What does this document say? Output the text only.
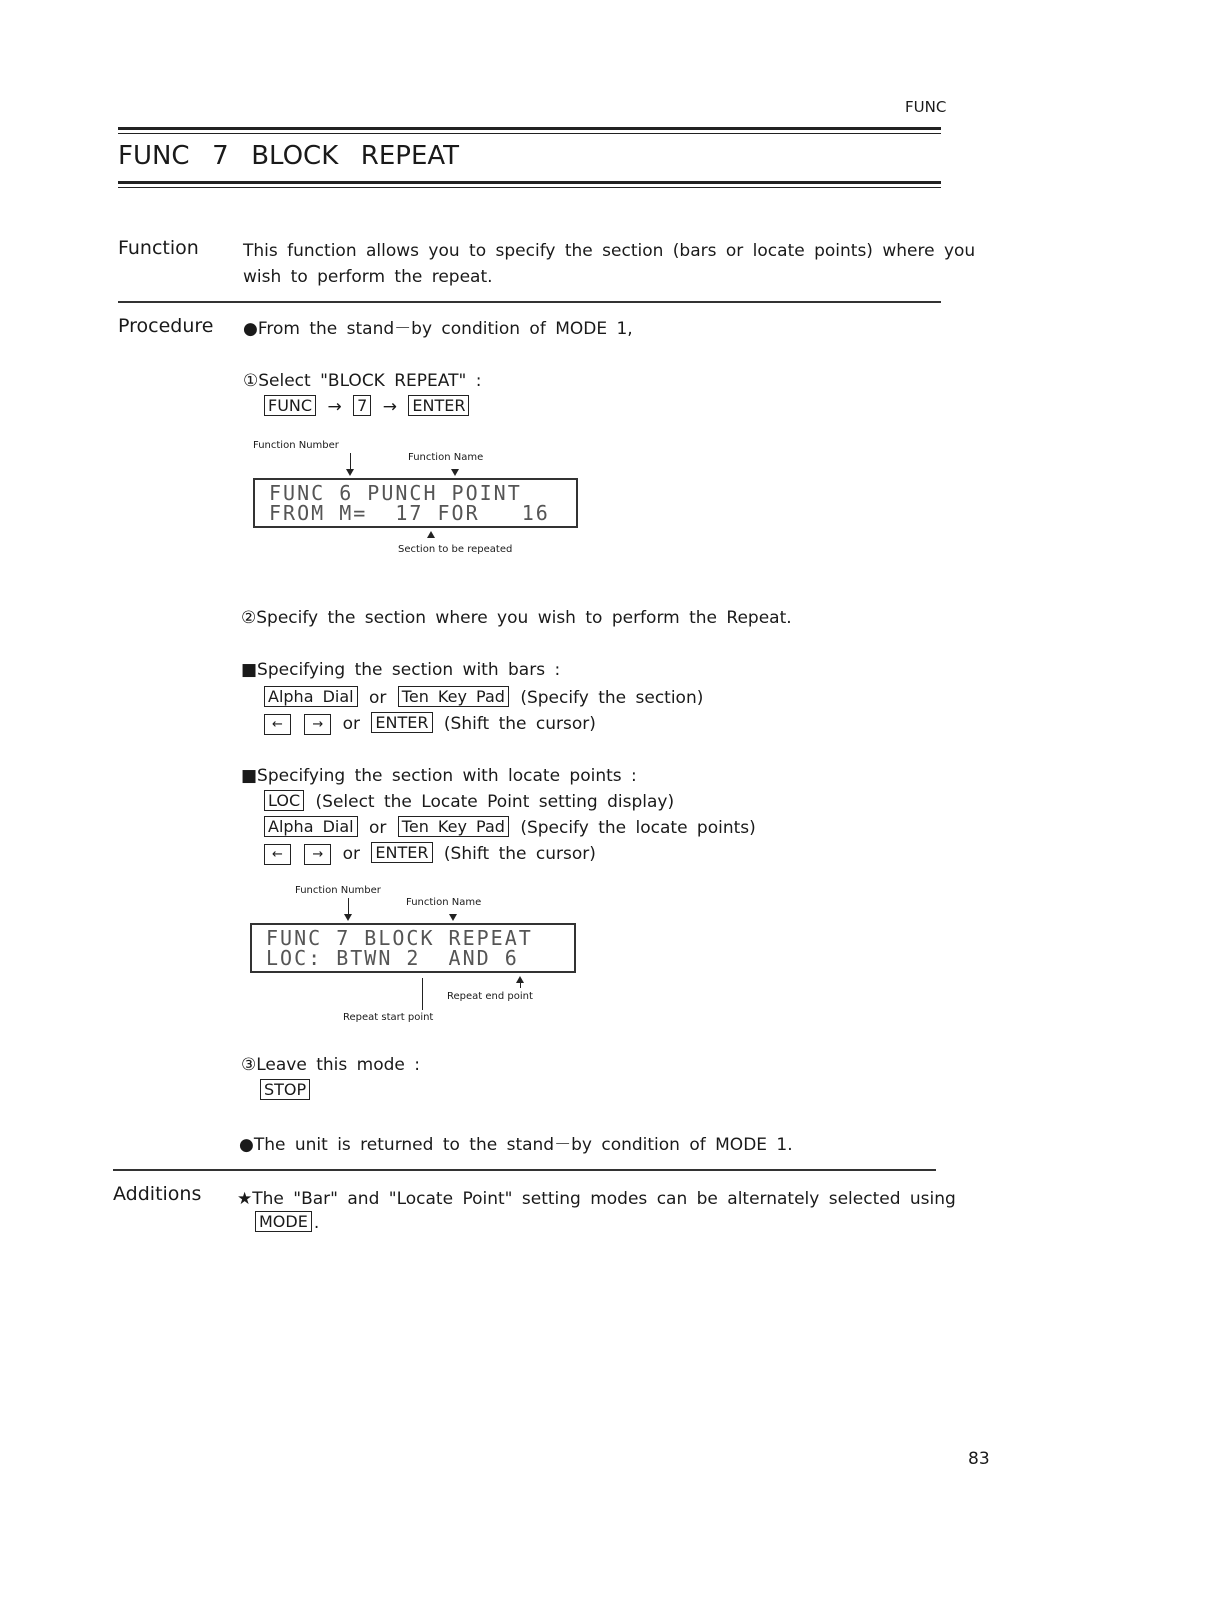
FUNC
FUNC  7  BLOCK  REPEAT
Function	This function allows you to specify the section (bars or locate points) where you
wish to perform the repeat.
Procedure ●From the stand－by condition of MODE 1,
①Select "BLOCK REPEAT" :
FUNC → 7 → ENTER
Function Number
Function Name
FUNC 6 PUNCH POINT
FROM M=  17 FOR   16
Section to be repeated
②Specify the section where you wish to perform the Repeat.
■Specifying the section with bars :
Alpha Dial or Ten Key Pad (Specify the section)
← → or ENTER (Shift the cursor)
■Specifying the section with locate points :
LOC (Select the Locate Point setting display)
Alpha Dial or Ten Key Pad (Specify the locate points)
← → or ENTER (Shift the cursor)
Function Number
Function Name
FUNC 7 BLOCK REPEAT
LOC: BTWN 2  AND 6
Repeat end point
Repeat start point
③Leave this mode :
STOP
●The unit is returned to the stand－by condition of MODE 1.
Additions ★The "Bar" and "Locate Point" setting modes can be alternately selected using
MODE .
83
